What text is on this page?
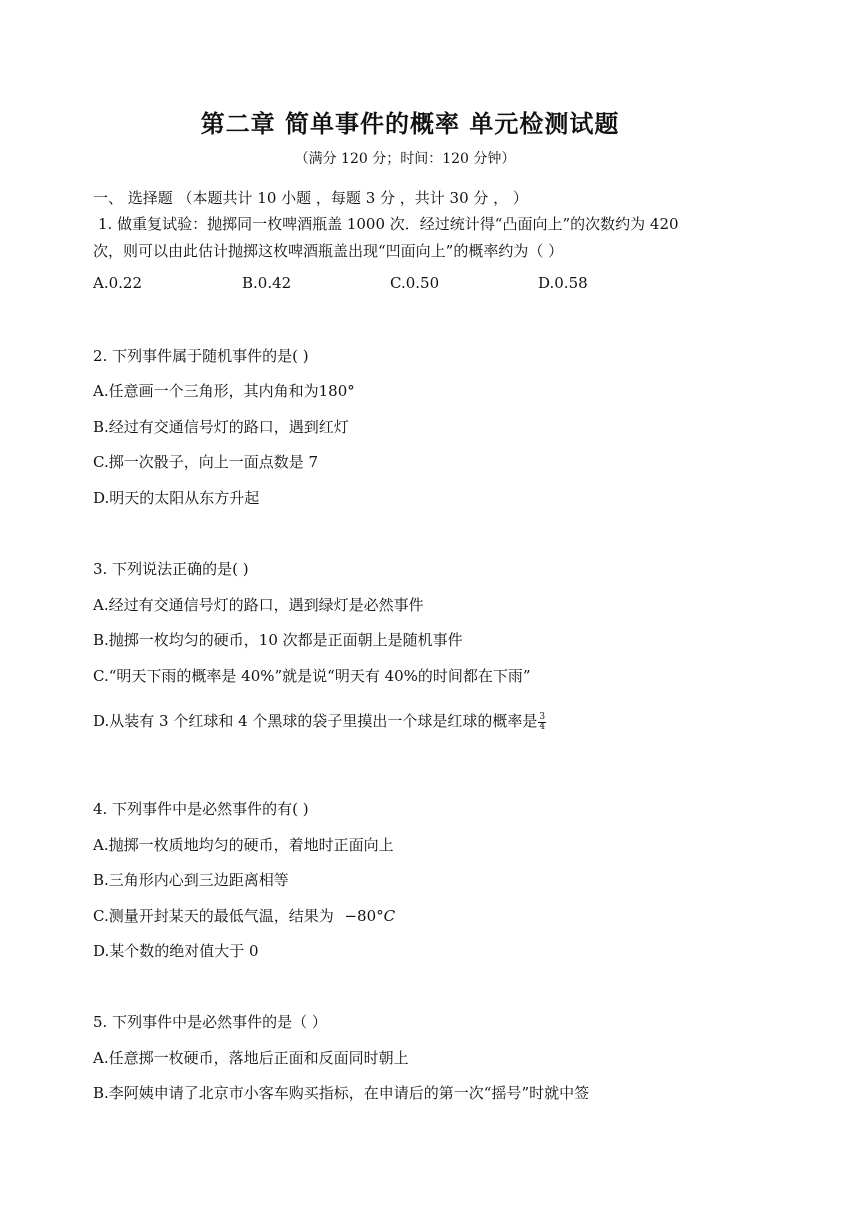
第二章 简单事件的概率 单元检测试题
（满分 120 分；时间：120 分钟）
一、 选择题 （本题共计 10 小题 ，每题 3 分 ，共计 30 分 ， ）
1. 做重复试验：抛掷同一枚啤酒瓶盖 1000 次．经过统计得“凸面向上”的次数约为 420
次，则可以由此估计抛掷这枚啤酒瓶盖出现“凹面向上”的概率约为（ ）
A.0.22	B.0.42	C.0.50	D.0.58
2. 下列事件属于随机事件的是( )
A.任意画一个三角形，其内角和为180°
B.经过有交通信号灯的路口，遇到红灯
C.掷一次骰子，向上一面点数是 7
D.明天的太阳从东方升起
3. 下列说法正确的是( )
A.经过有交通信号灯的路口，遇到绿灯是必然事件
B.抛掷一枚均匀的硬币，10 次都是正面朝上是随机事件
C.“明天下雨的概率是 40%”就是说“明天有 40%的时间都在下雨”
D.从装有 3 个红球和 4 个黑球的袋子里摸出一个球是红球的概率是 $\frac{3}{4}$
4. 下列事件中是必然事件的有( )
A.抛掷一枚质地均匀的硬币，着地时正面向上
B.三角形内心到三边距离相等
C.测量开封某天的最低气温，结果为 −80°C
D.某个数的绝对值大于 0
5. 下列事件中是必然事件的是（ ）
A.任意掷一枚硬币，落地后正面和反面同时朝上
B.李阿姨申请了北京市小客车购买指标，在申请后的第一次“摇号”时就中签
